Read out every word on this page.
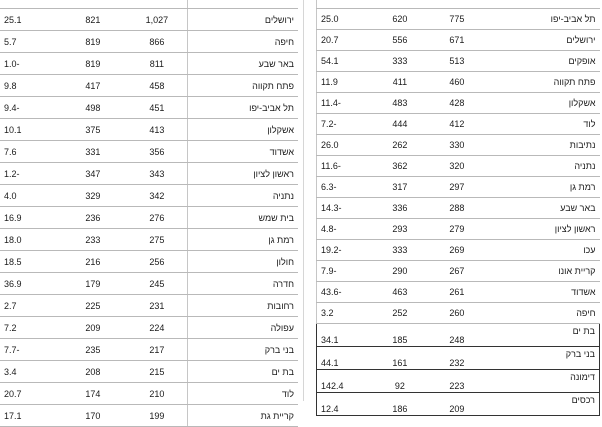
25.1	821	1,027	ירושלים
5.7	819	866	חיפה
1.0-	819	811	באר שבע
9.8	417	458	פתח תקווה
9.4-	498	451	תל אביב-יפו
10.1	375	413	אשקלון
7.6	331	356	אשדוד
1.2-	347	343	ראשון לציון
4.0	329	342	נתניה
16.9	236	276	בית שמש
18.0	233	275	רמת גן
18.5	216	256	חולון
36.9	179	245	חדרה
2.7	225	231	רחובות
7.2	209	224	עפולה
7.7-	235	217	בני ברק
3.4	208	215	בת ים
20.7	174	210	לוד
17.1	170	199	קריית גת

25.0	620	775	תל אביב-יפו
20.7	556	671	ירושלים
54.1	333	513	אופקים
11.9	411	460	פתח תקווה
11.4-	483	428	אשקלון
7.2-	444	412	לוד
26.0	262	330	נתיבות
11.6-	362	320	נתניה
6.3-	317	297	רמת גן
14.3-	336	288	באר שבע
4.8-	293	279	ראשון לציון
19.2-	333	269	עכו
7.9-	290	267	קריית אונו
43.6-	463	261	אשדוד
3.2	252	260	חיפה
34.1	185	248	בת ים
44.1	161	232	בני ברק
142.4	92	223	דימונה
12.4	186	209	רכסים
